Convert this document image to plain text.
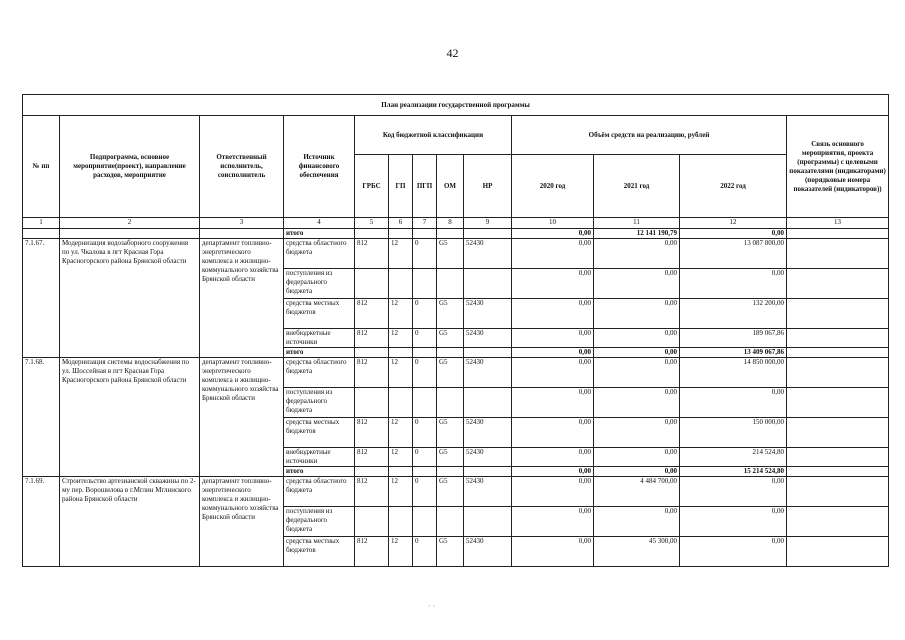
42
План реализации государственной программы												
№ пп	Подпрограмма, основное мероприятие(проект), направление расходов, мероприятие	Ответственный исполнитель, соисполнитель	Источник финансового обеспечения	Код бюджетной классификации					Объём средств на реализацию, рублей			Связь основного мероприятия, проекта (программы) с целевыми показателями (индикаторами) (порядковые номера показателей (индикаторов))
				ГРБС	ГП	ПГП	ОМ	НР	2020 год	2021 год	2022 год	
1	2	3	4	5	6	7	8	9	10	11	12	13
			итого						0,00	12 141 190,79	0,00	
7.1.67.	Модернизация водозаборного сооружения по ул. Чкалова в пгт Красная Гора Красногорского района Брянской области	департамент топливно-энергетического комплекса и жилищно-коммунального хозяйства Брянской области	средства областного бюджета	812	12	0	G5	52430	0,00	0,00	13 087 800,00	
			поступления из федерального бюджета						0,00	0,00	0,00	
			средства местных бюджетов	812	12	0	G5	52430	0,00	0,00	132 200,00	
			внебюджетные источники	812	12	0	G5	52430	0,00	0,00	189 067,86	
			итого						0,00	0,00	13 409 067,86	
7.1.68.	Модернизация системы водоснабжения по ул. Шоссейная в пгт Красная Гора Красногорского района Брянской области	департамент топливно-энергетического комплекса и жилищно-коммунального хозяйства Брянской области	средства областного бюджета	812	12	0	G5	52430	0,00	0,00	14 850 000,00	
			поступления из федерального бюджета						0,00	0,00	0,00	
			средства местных бюджетов	812	12	0	G5	52430	0,00	0,00	150 000,00	
			внебюджетные источники	812	12	0	G5	52430	0,00	0,00	214 524,80	
			итого						0,00	0,00	15 214 524,80	
7.1.69.	Строительство артезианской скважины по 2-му пер. Ворошилова в г.Мглин Мглинского района Брянской области	департамент топливно-энергетического комплекса и жилищно-коммунального хозяйства Брянской области	средства областного бюджета	812	12	0	G5	52430	0,00	4 484 700,00	0,00	
			поступления из федерального бюджета						0,00	0,00	0,00	
			средства местных бюджетов	812	12	0	G5	52430	0,00	45 300,00	0,00	
· ·
